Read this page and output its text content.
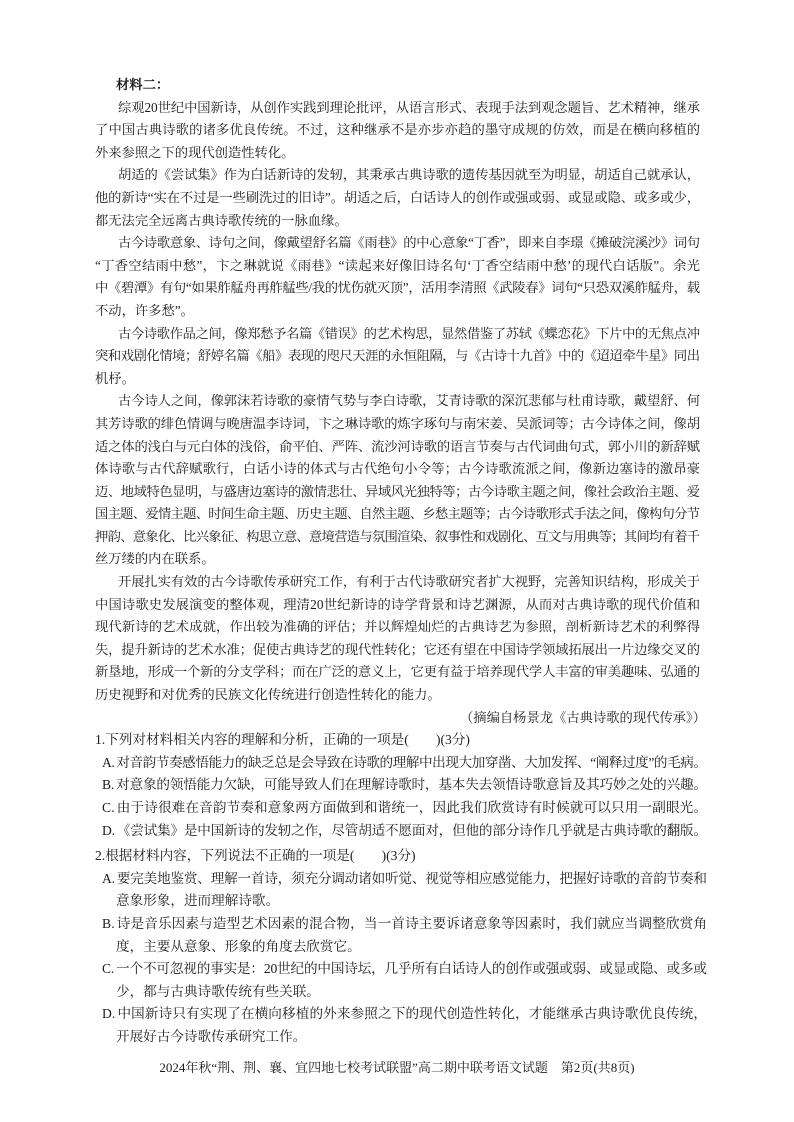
材料二：
综观20世纪中国新诗，从创作实践到理论批评，从语言形式、表现手法到观念题旨、艺术精神，继承
了中国古典诗歌的诸多优良传统。不过，这种继承不是亦步亦趋的墨守成规的仿效，而是在横向移植的
外来参照之下的现代创造性转化。
胡适的《尝试集》作为白话新诗的发轫，其秉承古典诗歌的遗传基因就至为明显，胡适自己就承认，
他的新诗“实在不过是一些刷洗过的旧诗”。胡适之后，白话诗人的创作或强或弱、或显或隐、或多或少，
都无法完全远离古典诗歌传统的一脉血缘。
古今诗歌意象、诗句之间，像戴望舒名篇《雨巷》的中心意象“丁香”，即来自李璟《摊破浣溪沙》词句
“丁香空结雨中愁”，卞之琳就说《雨巷》“读起来好像旧诗名句‘丁香空结雨中愁’的现代白话版”。余光
中《碧潭》有句“如果舴艋舟再舴艋些/我的忧伤就灭顶”，活用李清照《武陵春》词句“只恐双溪舴艋舟，载
不动，许多愁”。
古今诗歌作品之间，像郑愁予名篇《错误》的艺术构思，显然借鉴了苏轼《蝶恋花》下片中的无焦点冲
突和戏剧化情境；舒婷名篇《船》表现的咫尺天涯的永恒阻隔，与《古诗十九首》中的《迢迢牵牛星》同出
机杼。
古今诗人之间，像郭沫若诗歌的豪情气势与李白诗歌，艾青诗歌的深沉悲郁与杜甫诗歌，戴望舒、何
其芳诗歌的绯色情调与晚唐温李诗词，卞之琳诗歌的炼字琢句与南宋姜、吴派词等；古今诗体之间，像胡
适之体的浅白与元白体的浅俗，俞平伯、严阵、流沙河诗歌的语言节奏与古代词曲句式，郭小川的新辞赋
体诗歌与古代辞赋歌行，白话小诗的体式与古代绝句小令等；古今诗歌流派之间，像新边塞诗的激昂豪
迈、地域特色显明，与盛唐边塞诗的激情悲壮、异域风光独特等；古今诗歌主题之间，像社会政治主题、爱
国主题、爱情主题、时间生命主题、历史主题、自然主题、乡愁主题等；古今诗歌形式手法之间，像构句分节
押韵、意象化、比兴象征、构思立意、意境营造与氛围渲染、叙事性和戏剧化、互文与用典等；其间均有着千
丝万缕的内在联系。
开展扎实有效的古今诗歌传承研究工作，有利于古代诗歌研究者扩大视野，完善知识结构，形成关于
中国诗歌史发展演变的整体观，理清20世纪新诗的诗学背景和诗艺渊源，从而对古典诗歌的现代价值和
现代新诗的艺术成就，作出较为准确的评估；并以辉煌灿烂的古典诗艺为参照，剖析新诗艺术的利弊得
失，提升新诗的艺术水准；促使古典诗艺的现代性转化；它还有望在中国诗学领域拓展出一片边缘交叉的
新垦地，形成一个新的分支学科；而在广泛的意义上，它更有益于培养现代学人丰富的审美趣味、弘通的
历史视野和对优秀的民族文化传统进行创造性转化的能力。
（摘编自杨景龙《古典诗歌的现代传承》）
1.下列对材料相关内容的理解和分析，正确的一项是(　　)(3分)
A. 对音韵节奏感悟能力的缺乏总是会导致在诗歌的理解中出现大加穿凿、大加发挥、“阐释过度”的毛病。
B. 对意象的领悟能力欠缺，可能导致人们在理解诗歌时，基本失去领悟诗歌意旨及其巧妙之处的兴趣。
C. 由于诗很难在音韵节奏和意象两方面做到和谐统一，因此我们欣赏诗有时候就可以只用一副眼光。
D. 《尝试集》是中国新诗的发轫之作，尽管胡适不愿面对，但他的部分诗作几乎就是古典诗歌的翻版。
2.根据材料内容，下列说法不正确的一项是(　　)(3分)
A. 要完美地鉴赏、理解一首诗，须充分调动诸如听觉、视觉等相应感觉能力，把握好诗歌的音韵节奏和
意象形象，进而理解诗歌。
B. 诗是音乐因素与造型艺术因素的混合物，当一首诗主要诉诸意象等因素时，我们就应当调整欣赏角
度，主要从意象、形象的角度去欣赏它。
C. 一个不可忽视的事实是：20世纪的中国诗坛，几乎所有白话诗人的创作或强或弱、或显或隐、或多或
少，都与古典诗歌传统有些关联。
D. 中国新诗只有实现了在横向移植的外来参照之下的现代创造性转化，才能继承古典诗歌优良传统，
开展好古今诗歌传承研究工作。
2024年秋“荆、荆、襄、宜四地七校考试联盟”高二期中联考语文试题　第2页(共8页)
